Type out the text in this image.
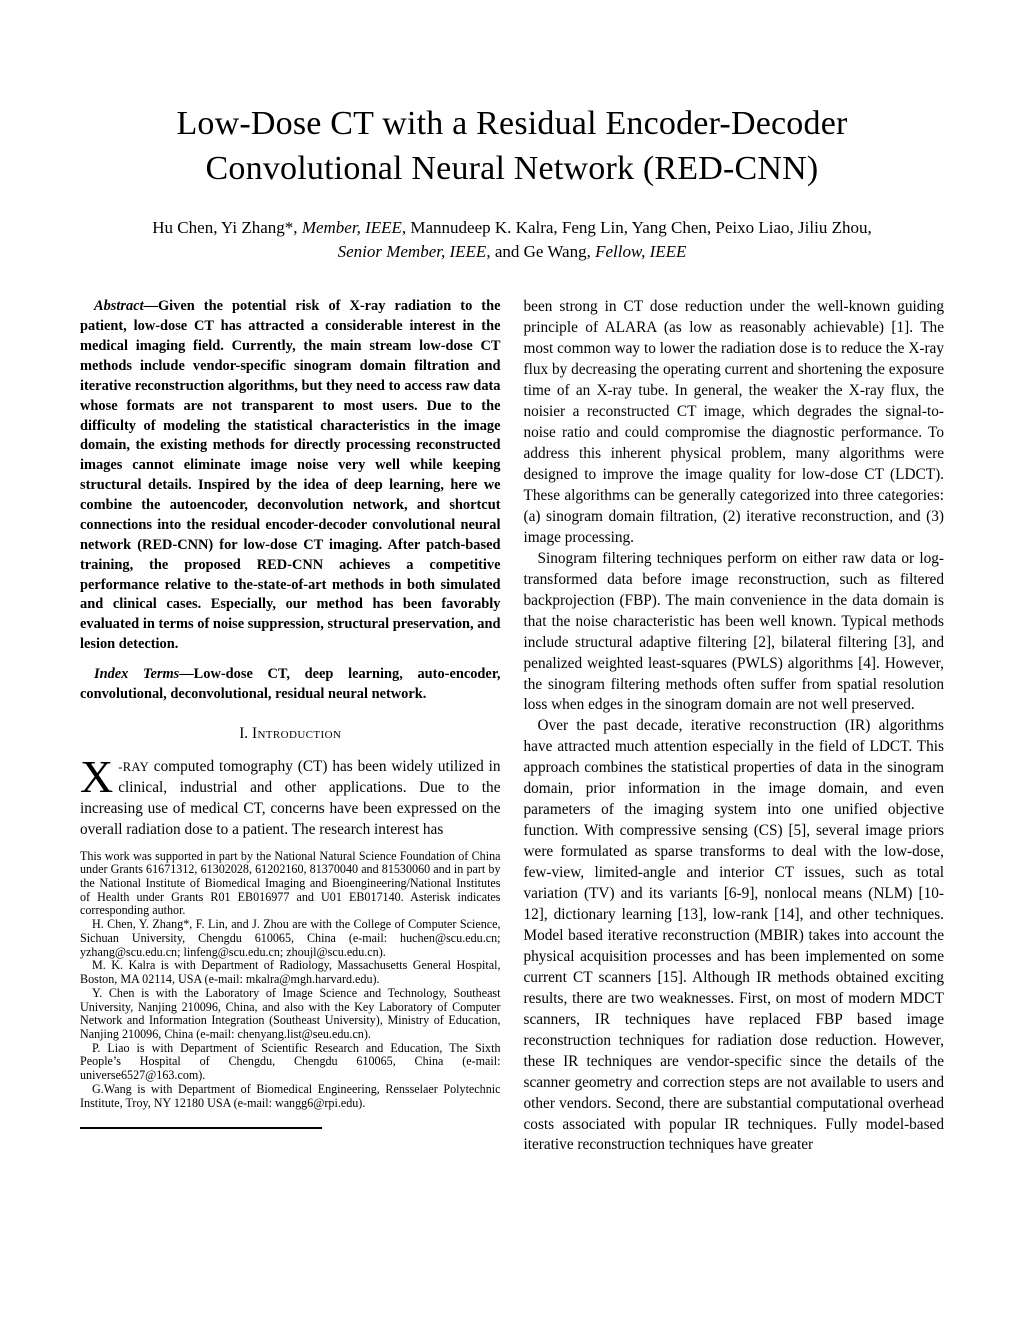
Low-Dose CT with a Residual Encoder-Decoder Convolutional Neural Network (RED-CNN)
Hu Chen, Yi Zhang*, Member, IEEE, Mannudeep K. Kalra, Feng Lin, Yang Chen, Peixo Liao, Jiliu Zhou, Senior Member, IEEE, and Ge Wang, Fellow, IEEE

Abstract—Given the potential risk of X-ray radiation to the patient, low-dose CT has attracted a considerable interest in the medical imaging field. Currently, the main stream low-dose CT methods include vendor-specific sinogram domain filtration and iterative reconstruction algorithms, but they need to access raw data whose formats are not transparent to most users. Due to the difficulty of modeling the statistical characteristics in the image domain, the existing methods for directly processing reconstructed images cannot eliminate image noise very well while keeping structural details. Inspired by the idea of deep learning, here we combine the autoencoder, deconvolution network, and shortcut connections into the residual encoder-decoder convolutional neural network (RED-CNN) for low-dose CT imaging. After patch-based training, the proposed RED-CNN achieves a competitive performance relative to the-state-of-art methods in both simulated and clinical cases. Especially, our method has been favorably evaluated in terms of noise suppression, structural preservation, and lesion detection.

Index Terms—Low-dose CT, deep learning, auto-encoder, convolutional, deconvolutional, residual neural network.

I. Introduction

X -RAY computed tomography (CT) has been widely utilized in clinical, industrial and other applications. Due to the increasing use of medical CT, concerns have been expressed on the overall radiation dose to a patient. The research interest has

This work was supported in part by the National Natural Science Foundation of China under Grants 61671312, 61302028, 61202160, 81370040 and 81530060 and in part by the National Institute of Biomedical Imaging and Bioengineering/National Institutes of Health under Grants R01 EB016977 and U01 EB017140. Asterisk indicates corresponding author.

H. Chen, Y. Zhang*, F. Lin, and J. Zhou are with the College of Computer Science, Sichuan University, Chengdu 610065, China (e-mail: huchen@scu.edu.cn; yzhang@scu.edu.cn; linfeng@scu.edu.cn; zhoujl@scu.edu.cn).

M. K. Kalra is with Department of Radiology, Massachusetts General Hospital, Boston, MA 02114, USA (e-mail: mkalra@mgh.harvard.edu).

Y. Chen is with the Laboratory of Image Science and Technology, Southeast University, Nanjing 210096, China, and also with the Key Laboratory of Computer Network and Information Integration (Southeast University), Ministry of Education, Nanjing 210096, China (e-mail: chenyang.list@seu.edu.cn).

P. Liao is with Department of Scientific Research and Education, The Sixth People’s Hospital of Chengdu, Chengdu 610065, China (e-mail: universe6527@163.com).

G.Wang is with Department of Biomedical Engineering, Rensselaer Polytechnic Institute, Troy, NY 12180 USA (e-mail: wangg6@rpi.edu).

been strong in CT dose reduction under the well-known guiding principle of ALARA (as low as reasonably achievable) [1]. The most common way to lower the radiation dose is to reduce the X-ray flux by decreasing the operating current and shortening the exposure time of an X-ray tube. In general, the weaker the X-ray flux, the noisier a reconstructed CT image, which degrades the signal-to-noise ratio and could compromise the diagnostic performance. To address this inherent physical problem, many algorithms were designed to improve the image quality for low-dose CT (LDCT). These algorithms can be generally categorized into three categories: (a) sinogram domain filtration, (2) iterative reconstruction, and (3) image processing.

Sinogram filtering techniques perform on either raw data or log-transformed data before image reconstruction, such as filtered backprojection (FBP). The main convenience in the data domain is that the noise characteristic has been well known. Typical methods include structural adaptive filtering [2], bilateral filtering [3], and penalized weighted least-squares (PWLS) algorithms [4]. However, the sinogram filtering methods often suffer from spatial resolution loss when edges in the sinogram domain are not well preserved.

Over the past decade, iterative reconstruction (IR) algorithms have attracted much attention especially in the field of LDCT. This approach combines the statistical properties of data in the sinogram domain, prior information in the image domain, and even parameters of the imaging system into one unified objective function. With compressive sensing (CS) [5], several image priors were formulated as sparse transforms to deal with the low-dose, few-view, limited-angle and interior CT issues, such as total variation (TV) and its variants [6-9], nonlocal means (NLM) [10-12], dictionary learning [13], low-rank [14], and other techniques. Model based iterative reconstruction (MBIR) takes into account the physical acquisition processes and has been implemented on some current CT scanners [15]. Although IR methods obtained exciting results, there are two weaknesses. First, on most of modern MDCT scanners, IR techniques have replaced FBP based image reconstruction techniques for radiation dose reduction. However, these IR techniques are vendor-specific since the details of the scanner geometry and correction steps are not available to users and other vendors. Second, there are substantial computational overhead costs associated with popular IR techniques. Fully model-based iterative reconstruction techniques have greater
